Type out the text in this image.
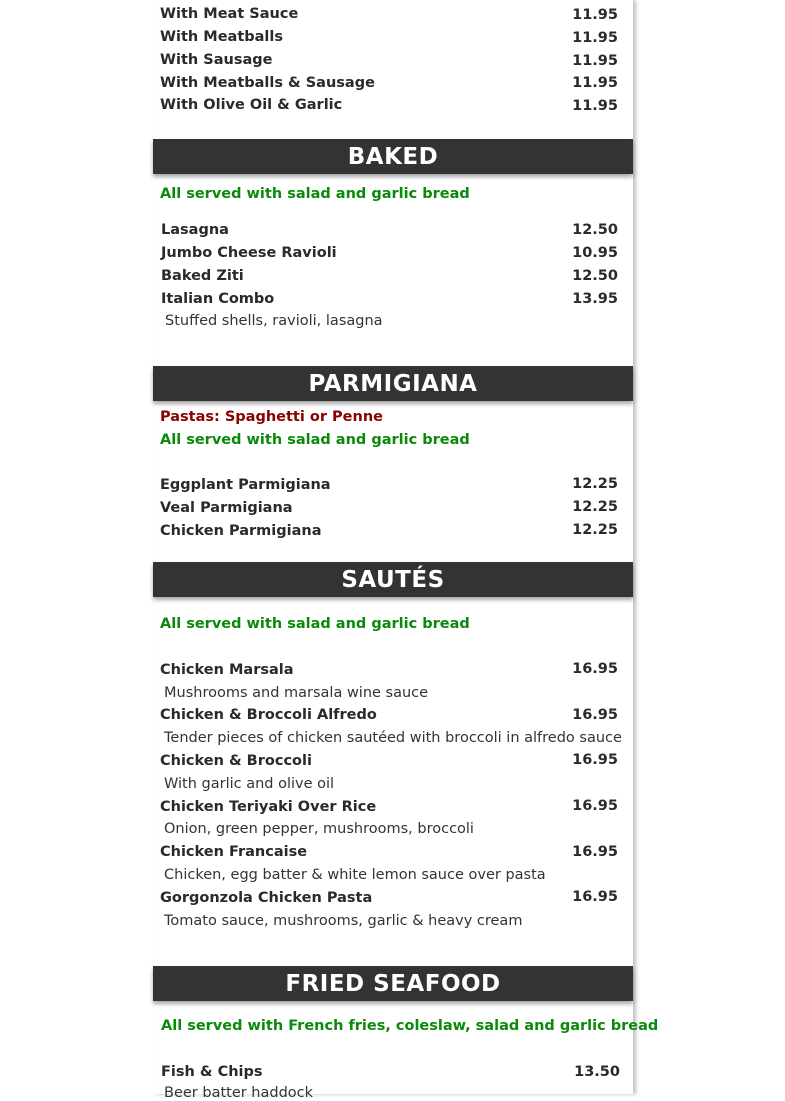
With Meat Sauce	11.95
With Meatballs	11.95
With Sausage	11.95
With Meatballs & Sausage	11.95
With Olive Oil & Garlic	11.95
BAKED
All served with salad and garlic bread
Lasagna	12.50
Jumbo Cheese Ravioli	10.95
Baked Ziti	12.50
Italian Combo	13.95
Stuffed shells, ravioli, lasagna
PARMIGIANA
Pastas: Spaghetti or Penne
All served with salad and garlic bread
Eggplant Parmigiana	12.25
Veal Parmigiana	12.25
Chicken Parmigiana	12.25
SAUTÉS
All served with salad and garlic bread
Chicken Marsala	16.95
Mushrooms and marsala wine sauce
Chicken & Broccoli Alfredo	16.95
Tender pieces of chicken sautéed with broccoli in alfredo sauce
Chicken & Broccoli	16.95
With garlic and olive oil
Chicken Teriyaki Over Rice	16.95
Onion, green pepper, mushrooms, broccoli
Chicken Francaise	16.95
Chicken, egg batter & white lemon sauce over pasta
Gorgonzola Chicken Pasta	16.95
Tomato sauce, mushrooms, garlic & heavy cream
FRIED SEAFOOD
All served with French fries, coleslaw, salad and garlic bread
Fish & Chips	13.50
Beer batter haddock
